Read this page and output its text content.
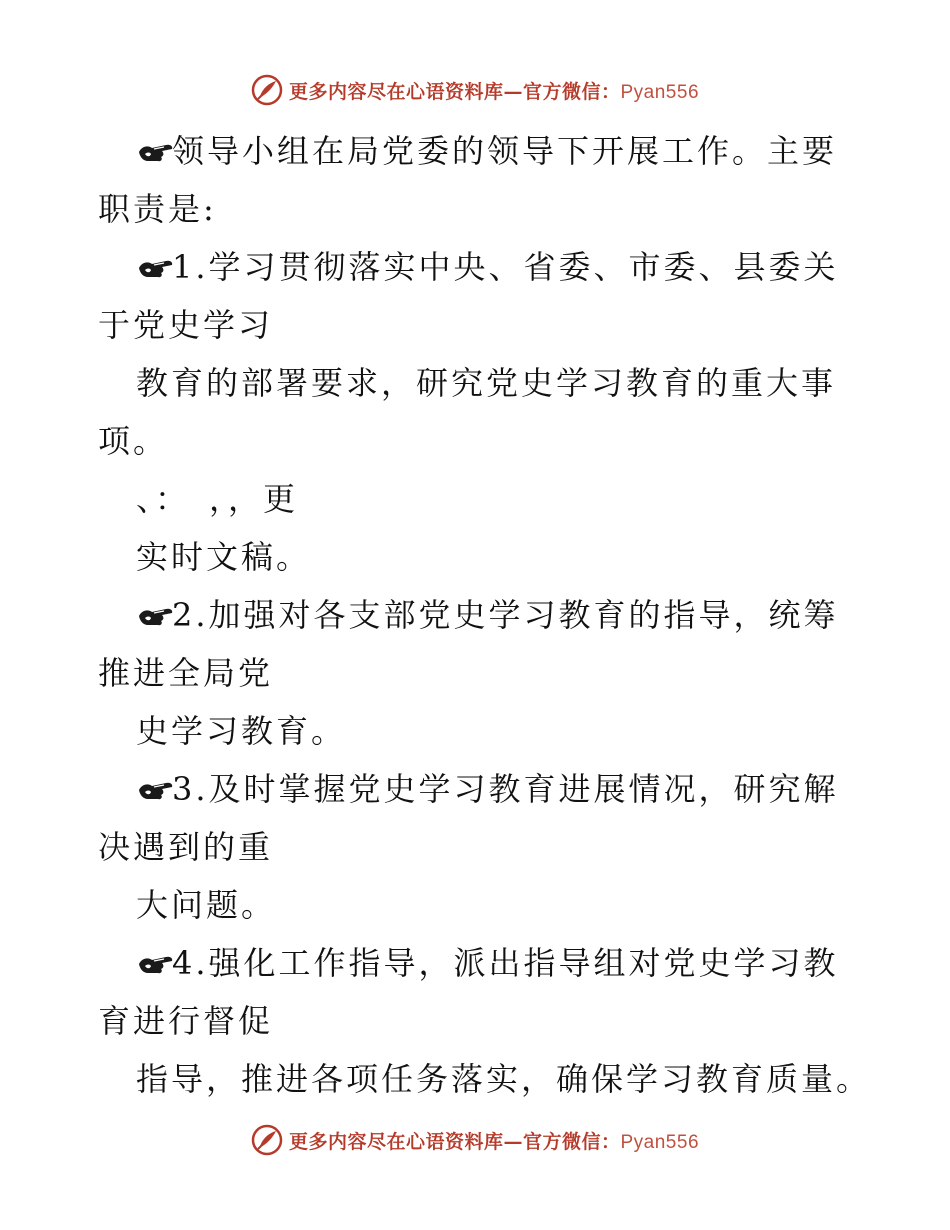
更多内容尽在心语资料库—官方微信：Pyan556
领导小组在局党委的领导下开展工作。主要
职责是:
1.学习贯彻落实中央、省委、市委、县委关
于党史学习
教育的部署要求，研究党史学习教育的重大事
项。
、：　，，更
实时文稿。
2.加强对各支部党史学习教育的指导，统筹
推进全局党
史学习教育。
3.及时掌握党史学习教育进展情况，研究解
决遇到的重
大问题。
4.强化工作指导，派出指导组对党史学习教
育进行督促
指导，推进各项任务落实，确保学习教育质量。
更多内容尽在心语资料库—官方微信：Pyan556
